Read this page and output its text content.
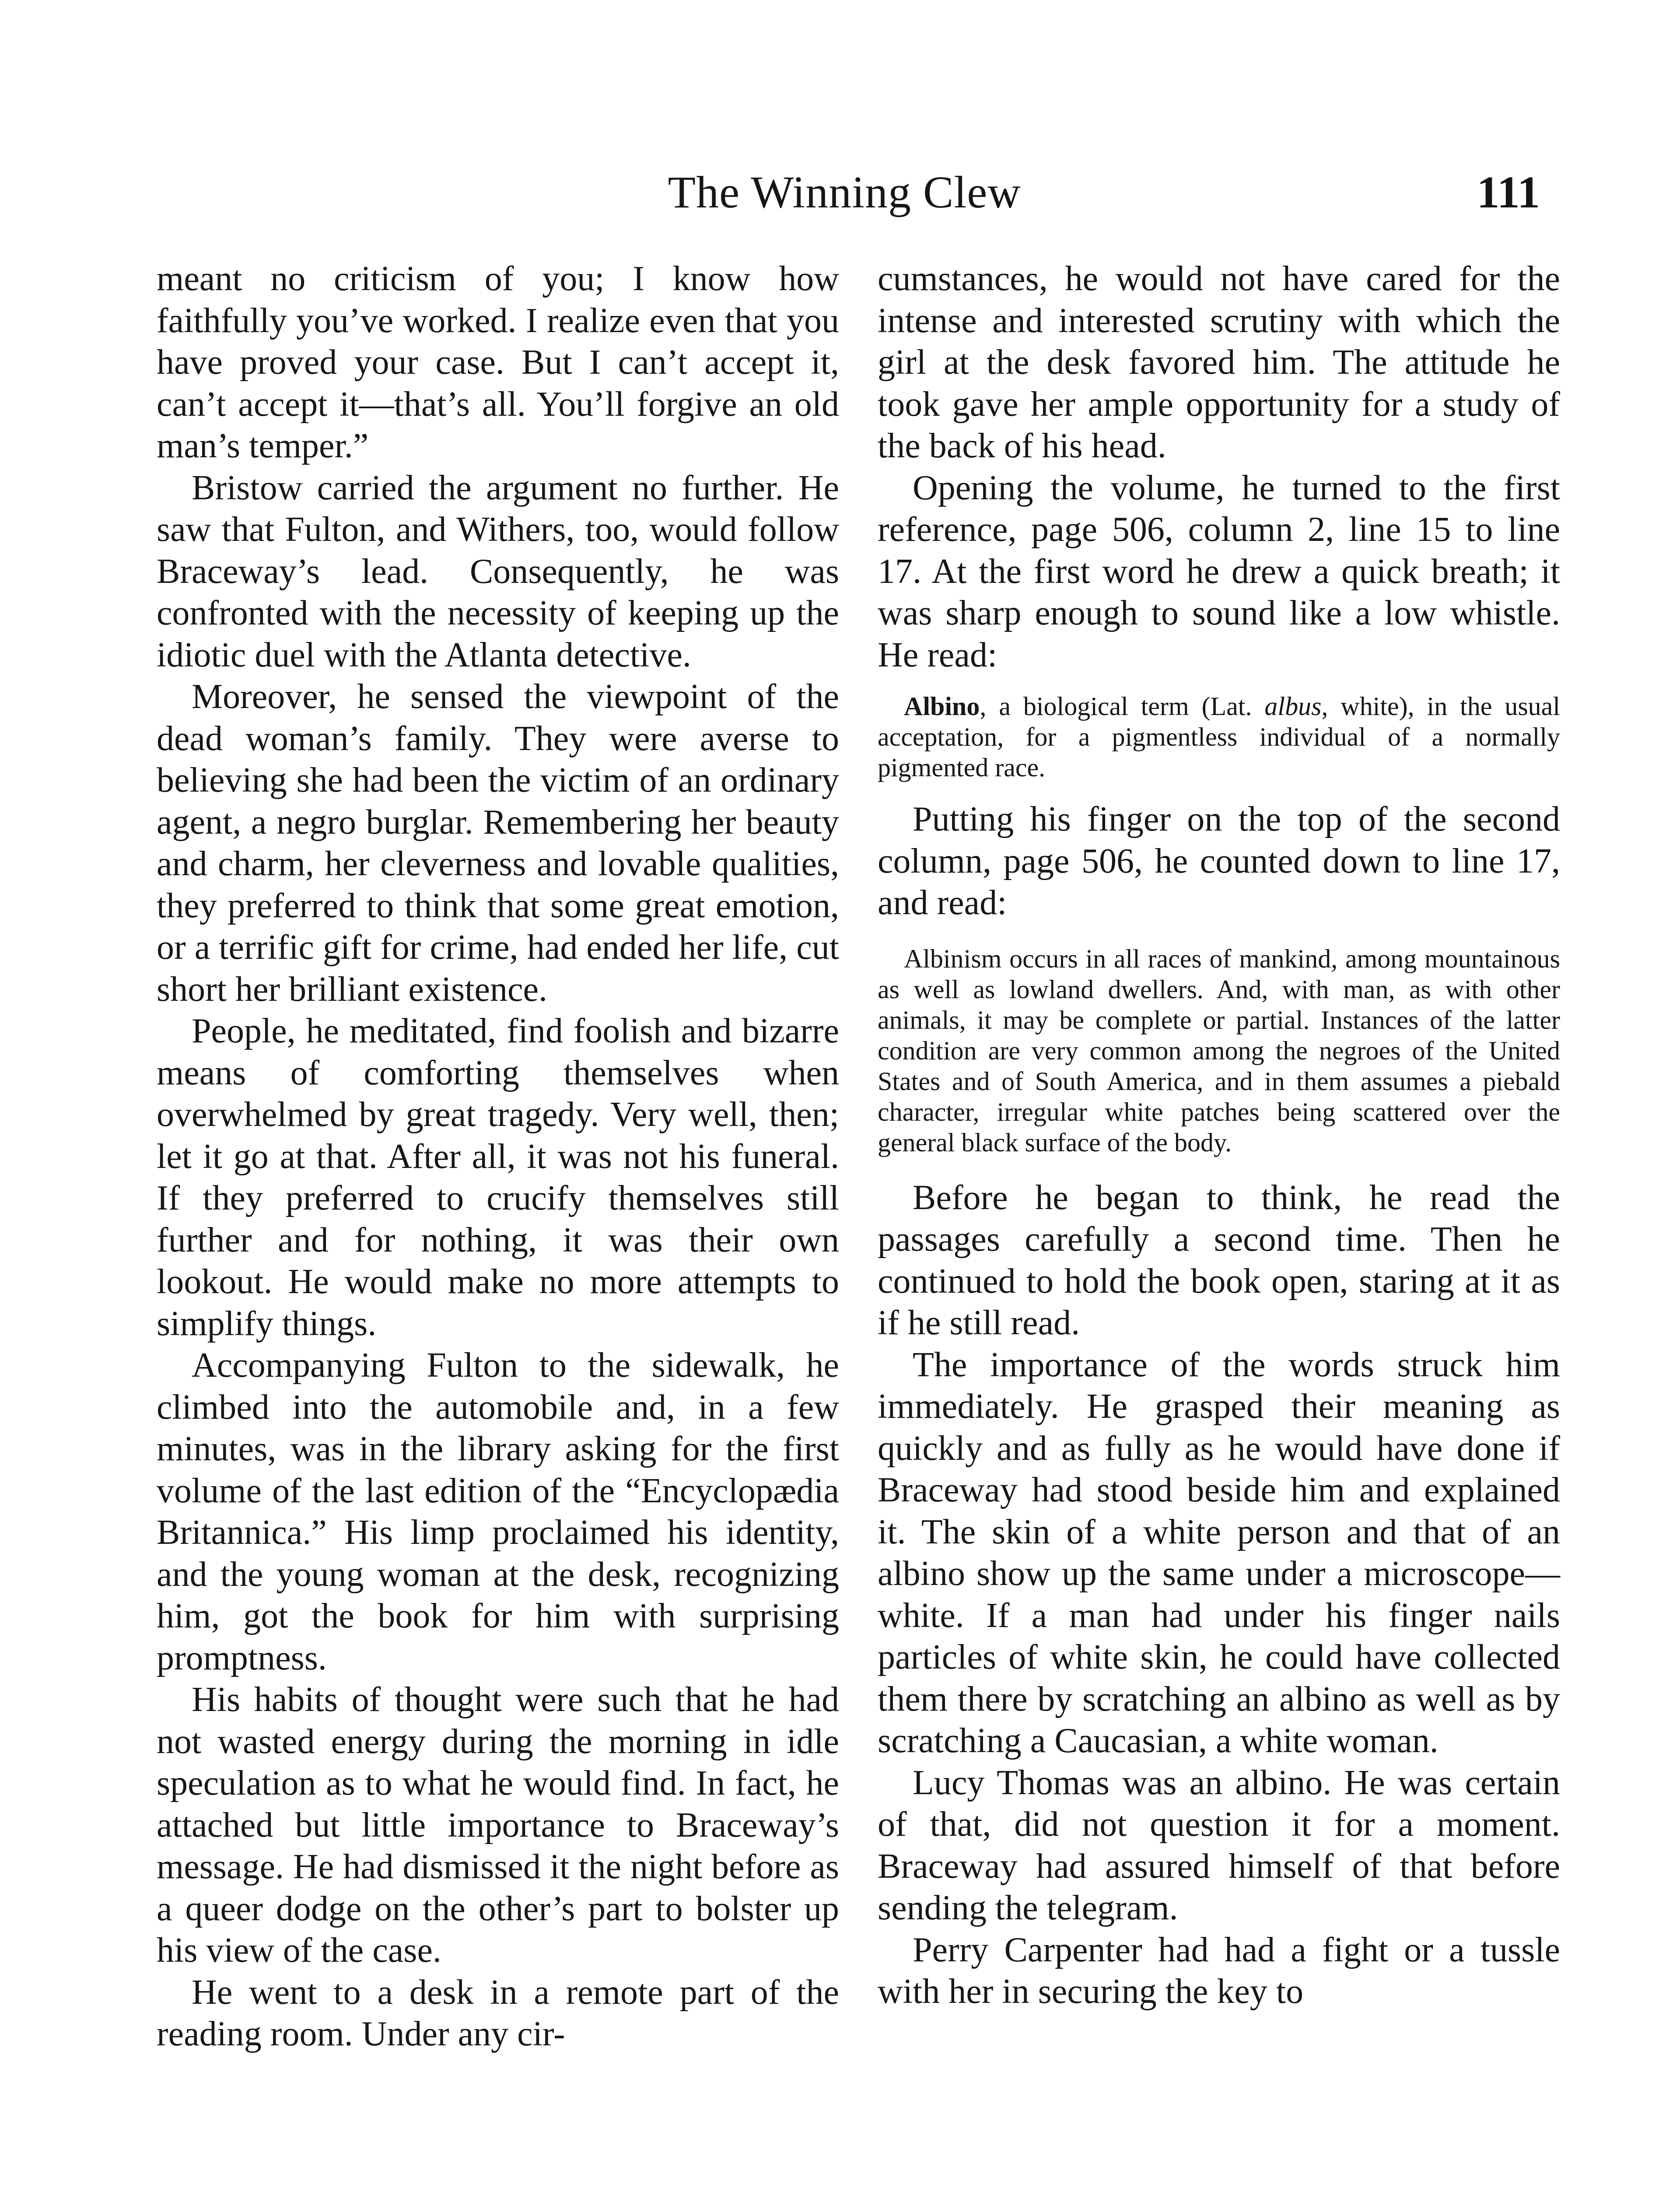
The Winning Clew	111

meant no criticism of you; I know how faithfully you’ve worked. I realize even that you have proved your case. But I can’t accept it, can’t accept it—that’s all. You’ll forgive an old man’s temper.”

Bristow carried the argument no further. He saw that Fulton, and Withers, too, would follow Braceway’s lead. Consequently, he was confronted with the necessity of keeping up the idiotic duel with the Atlanta detective.

Moreover, he sensed the viewpoint of the dead woman’s family. They were averse to believing she had been the victim of an ordinary agent, a negro burglar. Remembering her beauty and charm, her cleverness and lovable qualities, they preferred to think that some great emotion, or a terrific gift for crime, had ended her life, cut short her brilliant existence.

People, he meditated, find foolish and bizarre means of comforting themselves when overwhelmed by great tragedy. Very well, then; let it go at that. After all, it was not his funeral. If they preferred to crucify themselves still further and for nothing, it was their own lookout. He would make no more attempts to simplify things.

Accompanying Fulton to the sidewalk, he climbed into the automobile and, in a few minutes, was in the library asking for the first volume of the last edition of the “Encyclopædia Britannica.” His limp proclaimed his identity, and the young woman at the desk, recognizing him, got the book for him with surprising promptness.

His habits of thought were such that he had not wasted energy during the morning in idle speculation as to what he would find. In fact, he attached but little importance to Braceway’s message. He had dismissed it the night before as a queer dodge on the other’s part to bolster up his view of the case.

He went to a desk in a remote part of the reading room. Under any cir-

cumstances, he would not have cared for the intense and interested scrutiny with which the girl at the desk favored him. The attitude he took gave her ample opportunity for a study of the back of his head.

Opening the volume, he turned to the first reference, page 506, column 2, line 15 to line 17. At the first word he drew a quick breath; it was sharp enough to sound like a low whistle. He read:

Albino, a biological term (Lat. albus, white), in the usual acceptation, for a pigmentless individual of a normally pigmented race.

Putting his finger on the top of the second column, page 506, he counted down to line 17, and read:

Albinism occurs in all races of mankind, among mountainous as well as lowland dwellers. And, with man, as with other animals, it may be complete or partial. Instances of the latter condition are very common among the negroes of the United States and of South America, and in them assumes a piebald character, irregular white patches being scattered over the general black surface of the body.

Before he began to think, he read the passages carefully a second time. Then he continued to hold the book open, staring at it as if he still read.

The importance of the words struck him immediately. He grasped their meaning as quickly and as fully as he would have done if Braceway had stood beside him and explained it. The skin of a white person and that of an albino show up the same under a microscope—white. If a man had under his finger nails particles of white skin, he could have collected them there by scratching an albino as well as by scratching a Caucasian, a white woman.

Lucy Thomas was an albino. He was certain of that, did not question it for a moment. Braceway had assured himself of that before sending the telegram.

Perry Carpenter had had a fight or a tussle with her in securing the key to
